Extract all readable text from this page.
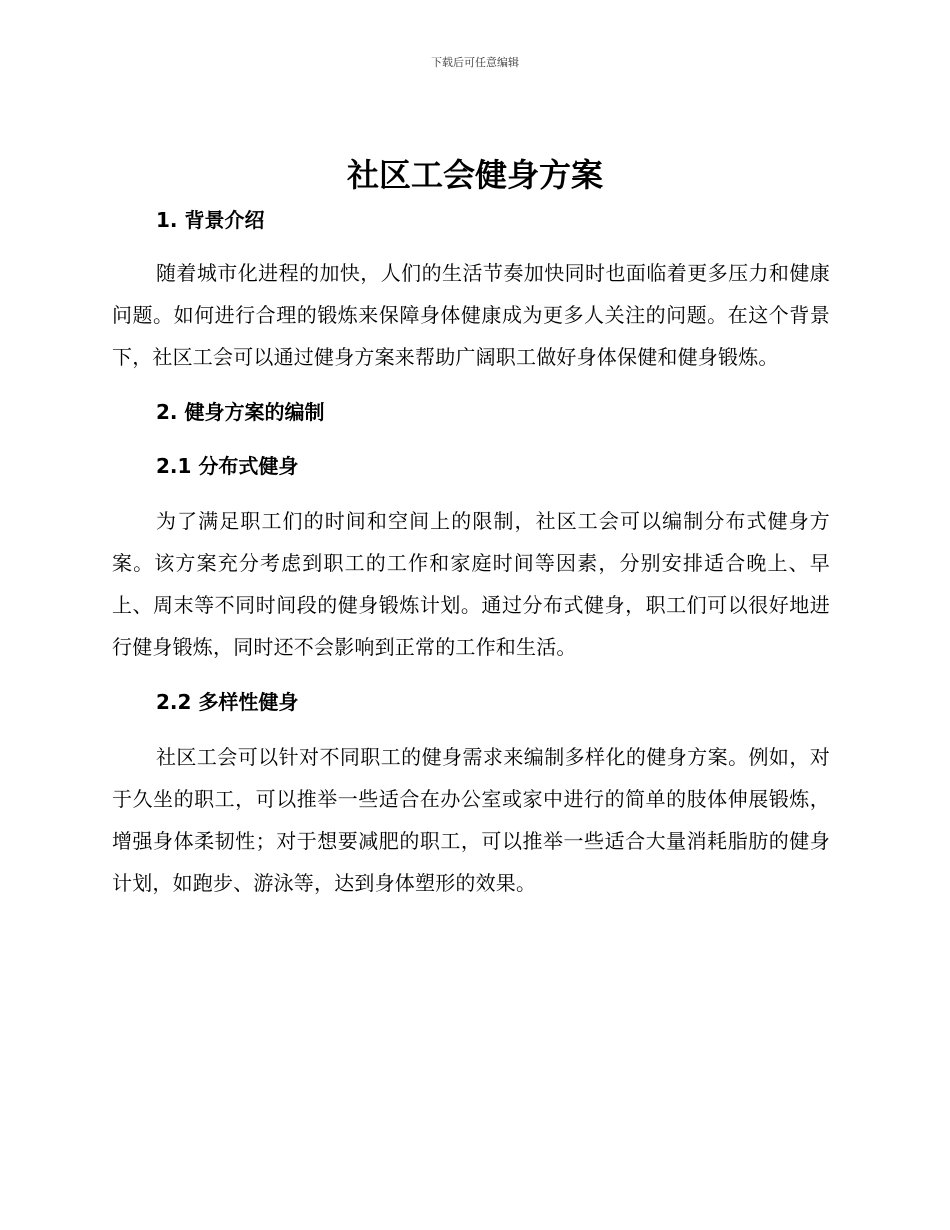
下载后可任意编辑
社区工会健身方案
1. 背景介绍

随着城市化进程的加快，人们的生活节奏加快同时也面临着更多压力和健康问题。如何进行合理的锻炼来保障身体健康成为更多人关注的问题。在这个背景下，社区工会可以通过健身方案来帮助广阔职工做好身体保健和健身锻炼。

2. 健身方案的编制
2.1 分布式健身

为了满足职工们的时间和空间上的限制，社区工会可以编制分布式健身方案。该方案充分考虑到职工的工作和家庭时间等因素，分别安排适合晚上、早上、周末等不同时间段的健身锻炼计划。通过分布式健身，职工们可以很好地进行健身锻炼，同时还不会影响到正常的工作和生活。

2.2 多样性健身

社区工会可以针对不同职工的健身需求来编制多样化的健身方案。例如，对于久坐的职工，可以推举一些适合在办公室或家中进行的简单的肢体伸展锻炼，增强身体柔韧性；对于想要减肥的职工，可以推举一些适合大量消耗脂肪的健身计划，如跑步、游泳等，达到身体塑形的效果。
